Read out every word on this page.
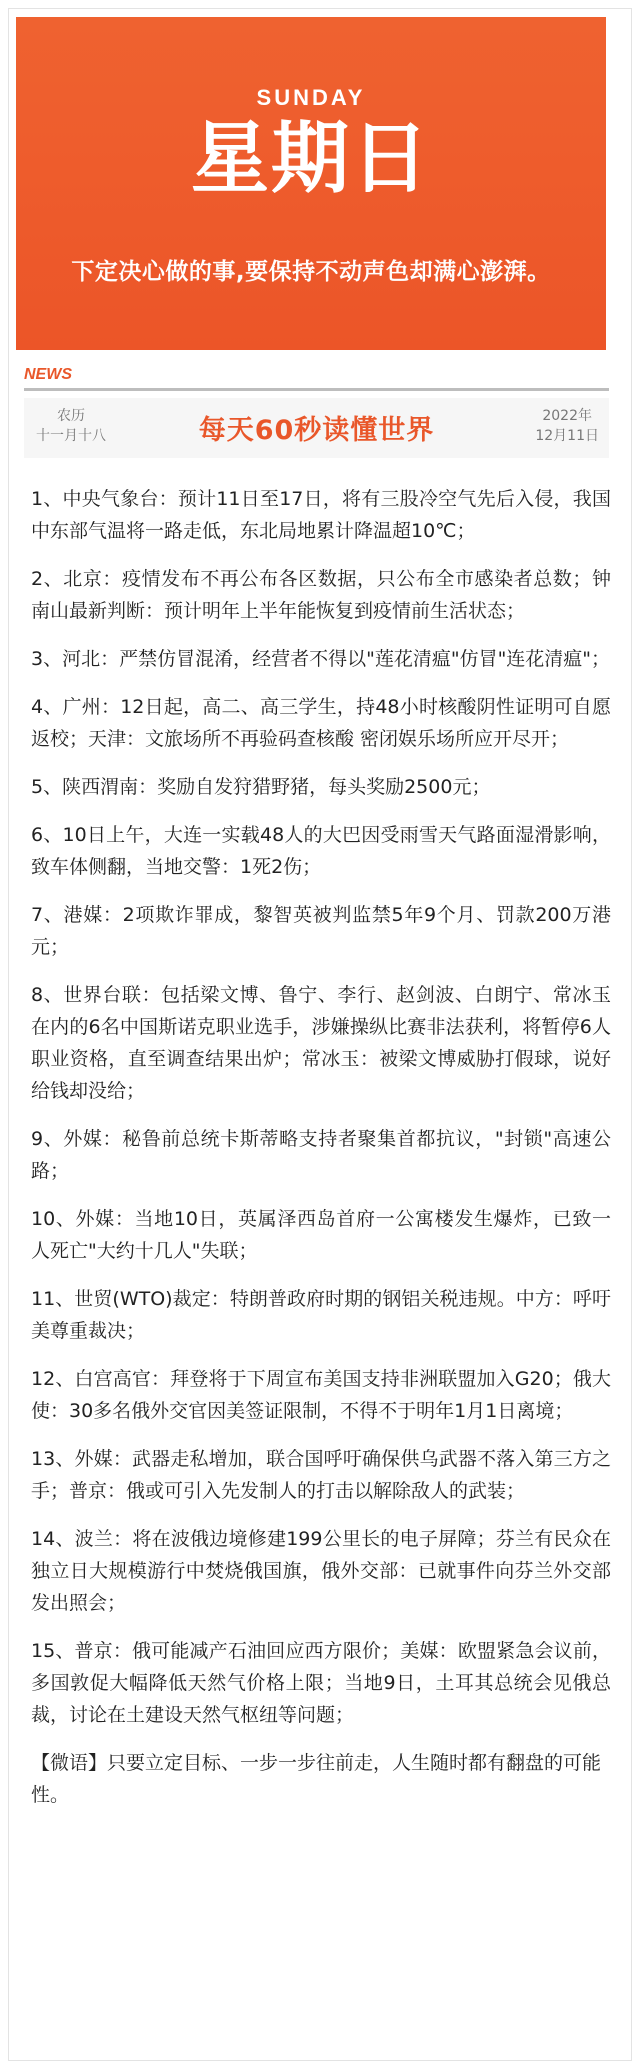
SUNDAY
星期日
下定决心做的事,要保持不动声色却满心澎湃。
NEWS
农历
十一月十八	每天60秒读懂世界	2022年
12月11日

1、中央气象台：预计11日至17日，将有三股冷空气先后入侵，我国中东部气温将一路走低，东北局地累计降温超10℃；

2、北京：疫情发布不再公布各区数据，只公布全市感染者总数；钟南山最新判断：预计明年上半年能恢复到疫情前生活状态；

3、河北：严禁仿冒混淆，经营者不得以"莲花清瘟"仿冒"连花清瘟"；

4、广州：12日起，高二、高三学生，持48小时核酸阴性证明可自愿返校；天津：文旅场所不再验码查核酸 密闭娱乐场所应开尽开；

5、陕西渭南：奖励自发狩猎野猪，每头奖励2500元；

6、10日上午，大连一实载48人的大巴因受雨雪天气路面湿滑影响，致车体侧翻，当地交警：1死2伤；

7、港媒：2项欺诈罪成，黎智英被判监禁5年9个月、罚款200万港元；

8、世界台联：包括梁文博、鲁宁、李行、赵剑波、白朗宁、常冰玉在内的6名中国斯诺克职业选手，涉嫌操纵比赛非法获利，将暂停6人职业资格，直至调查结果出炉；常冰玉：被梁文博威胁打假球，说好给钱却没给；

9、外媒：秘鲁前总统卡斯蒂略支持者聚集首都抗议，"封锁"高速公路；

10、外媒：当地10日，英属泽西岛首府一公寓楼发生爆炸，已致一人死亡"大约十几人"失联；

11、世贸(WTO)裁定：特朗普政府时期的钢铝关税违规。中方：呼吁美尊重裁决；

12、白宫高官：拜登将于下周宣布美国支持非洲联盟加入G20；俄大使：30多名俄外交官因美签证限制，不得不于明年1月1日离境；

13、外媒：武器走私增加，联合国呼吁确保供乌武器不落入第三方之手；普京：俄或可引入先发制人的打击以解除敌人的武装；

14、波兰：将在波俄边境修建199公里长的电子屏障；芬兰有民众在独立日大规模游行中焚烧俄国旗，俄外交部：已就事件向芬兰外交部发出照会；

15、普京：俄可能减产石油回应西方限价；美媒：欧盟紧急会议前，多国敦促大幅降低天然气价格上限；当地9日，土耳其总统会见俄总裁，讨论在土建设天然气枢纽等问题；

【微语】只要立定目标、一步一步往前走，人生随时都有翻盘的可能性。
